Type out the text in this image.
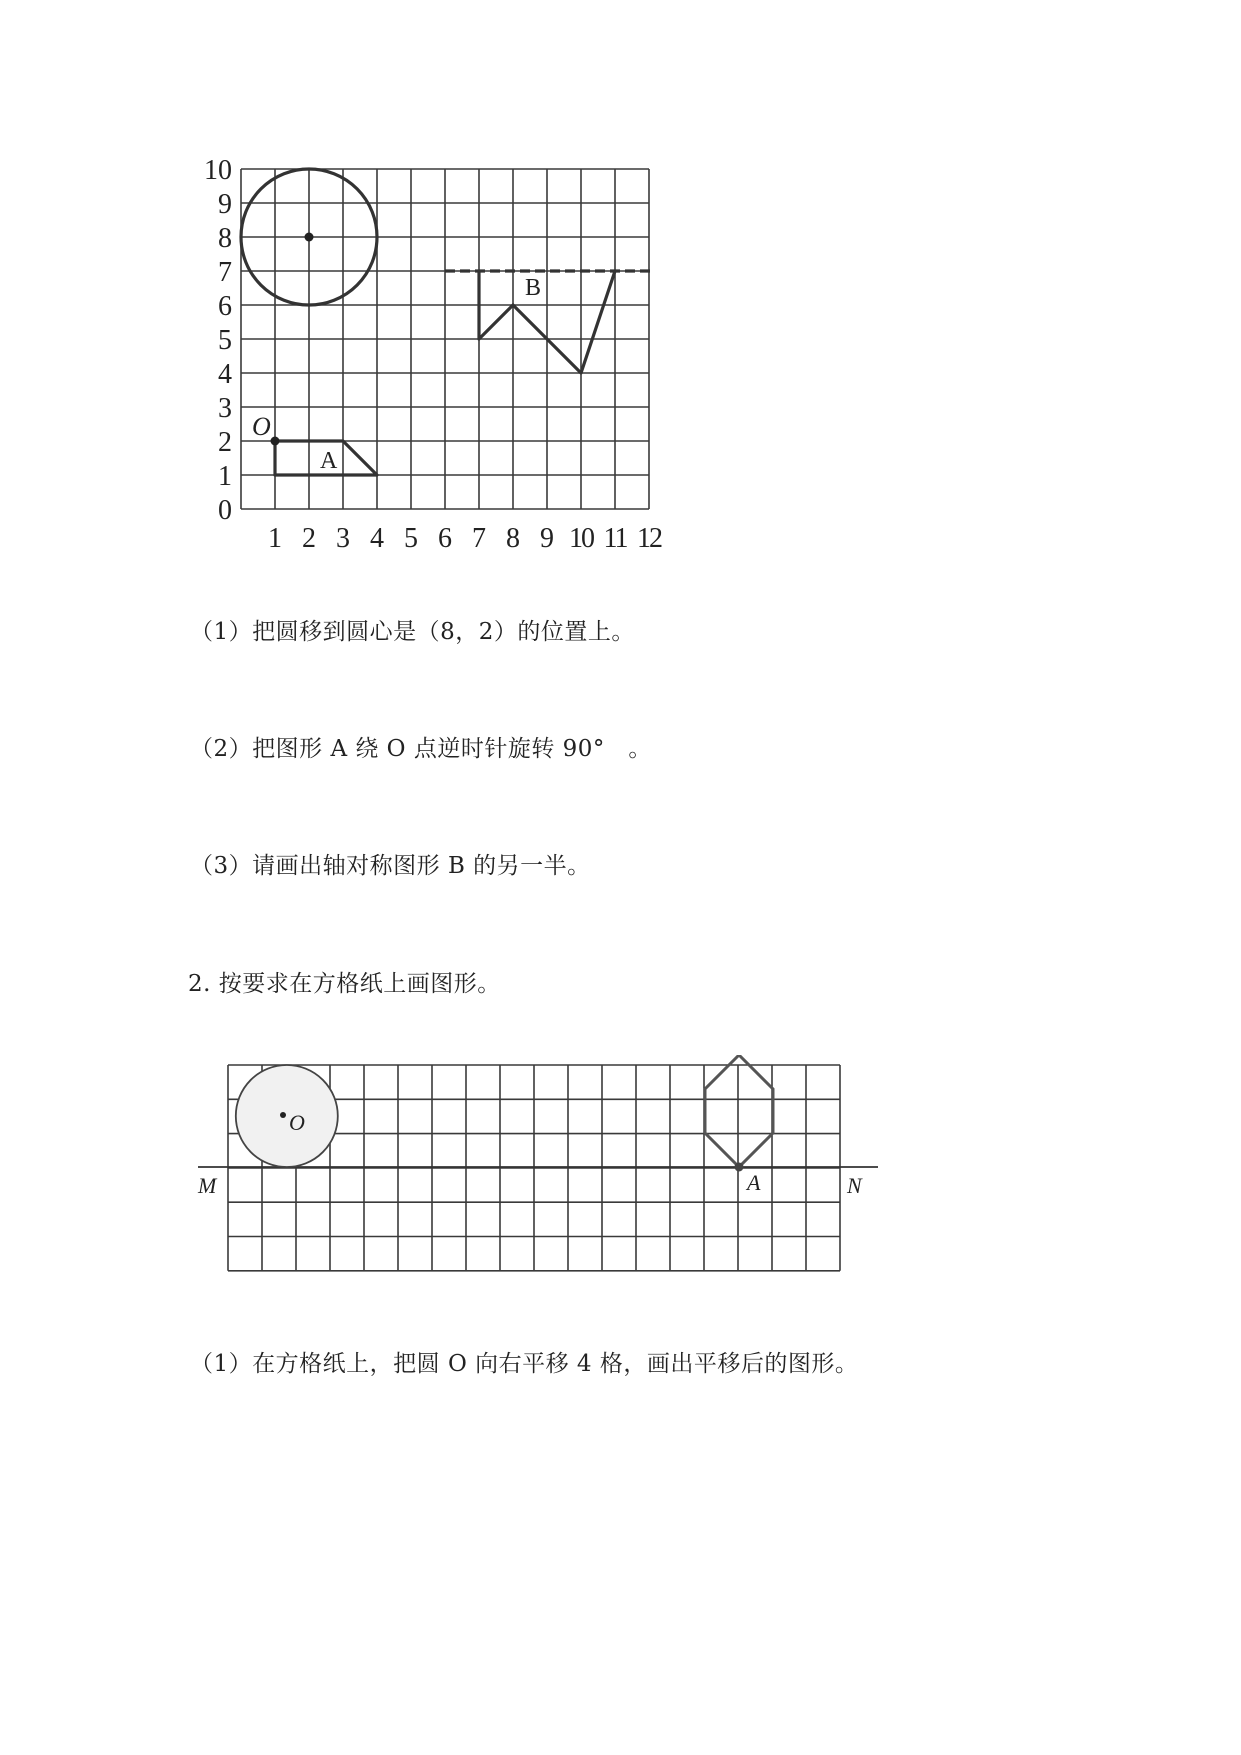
0
1
2
3
4
5
6
7
8
9
10
1 2 3 4 5 6 7 8 9 10 11 12
O
A
B

（1）把圆移到圆心是（8，2）的位置上。

（2）把图形 A 绕 O 点逆时针旋转 90°　。

（3）请画出轴对称图形 B 的另一半。

2. 按要求在方格纸上画图形。

M	N
O
A

（1）在方格纸上，把圆 O 向右平移 4 格，画出平移后的图形。
